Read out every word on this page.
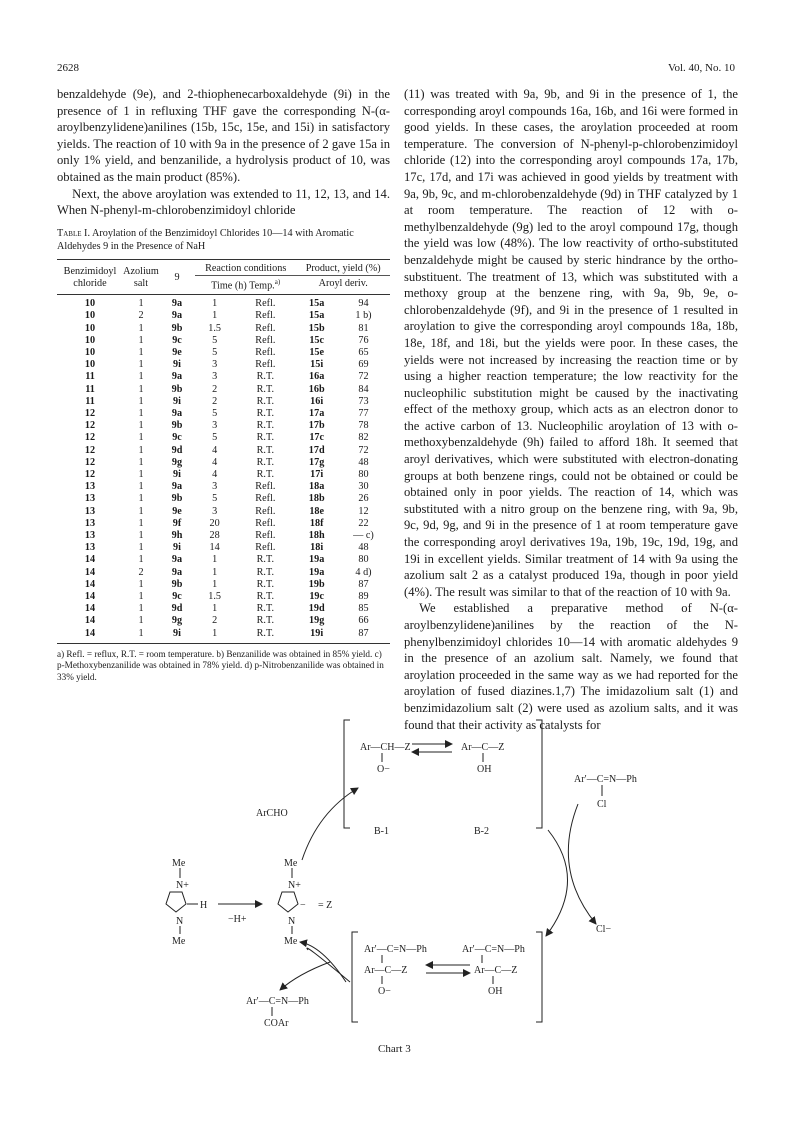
2628	Vol. 40, No. 10

benzaldehyde (9e), and 2-thiophenecarboxaldehyde (9i) in the presence of 1 in refluxing THF gave the corresponding N-(α-aroylbenzylidene)anilines (15b, 15c, 15e, and 15i) in satisfactory yields. The reaction of 10 with 9a in the presence of 2 gave 15a in only 1% yield, and benzanilide, a hydrolysis product of 10, was obtained as the main product (85%).

Next, the above aroylation was extended to 11, 12, 13, and 14. When N-phenyl-m-chlorobenzimidoyl chloride

Table I. Aroylation of the Benzimidoyl Chlorides 10—14 with Aromatic Aldehydes 9 in the Presence of NaH

Benzimidoyl chloride	Azolium salt	9	Reaction conditions		Product, yield (%)	
			Time (h) Temp.$^{a)}$		Aroyl deriv.	
10	1	9a	1	Refl.	15a	94
10	2	9a	1	Refl.	15a	1 b)
10	1	9b	1.5	Refl.	15b	81
10	1	9c	5	Refl.	15c	76
10	1	9e	5	Refl.	15e	65
10	1	9i	3	Refl.	15i	69
11	1	9a	3	R.T.	16a	72
11	1	9b	2	R.T.	16b	84
11	1	9i	2	R.T.	16i	73
12	1	9a	5	R.T.	17a	77
12	1	9b	3	R.T.	17b	78
12	1	9c	5	R.T.	17c	82
12	1	9d	4	R.T.	17d	72
12	1	9g	4	R.T.	17g	48
12	1	9i	4	R.T.	17i	80
13	1	9a	3	Refl.	18a	30
13	1	9b	5	Refl.	18b	26
13	1	9e	3	Refl.	18e	12
13	1	9f	20	Refl.	18f	22
13	1	9h	28	Refl.	18h	— c)
13	1	9i	14	Refl.	18i	48
14	1	9a	1	R.T.	19a	80
14	2	9a	1	R.T.	19a	4 d)
14	1	9b	1	R.T.	19b	87
14	1	9c	1.5	R.T.	19c	89
14	1	9d	1	R.T.	19d	85
14	1	9g	2	R.T.	19g	66
14	1	9i	1	R.T.	19i	87

a) Refl. = reflux, R.T. = room temperature. b) Benzanilide was obtained in 85% yield. c) p-Methoxybenzanilide was obtained in 78% yield. d) p-Nitrobenzanilide was obtained in 33% yield.

(11) was treated with 9a, 9b, and 9i in the presence of 1, the corresponding aroyl compounds 16a, 16b, and 16i were formed in good yields. In these cases, the aroylation proceeded at room temperature. The conversion of N-phenyl-p-chlorobenzimidoyl chloride (12) into the corresponding aroyl compounds 17a, 17b, 17c, 17d, and 17i was achieved in good yields by treatment with 9a, 9b, 9c, and m-chlorobenzaldehyde (9d) in THF catalyzed by 1 at room temperature. The reaction of 12 with o-methylbenzaldehyde (9g) led to the aroyl compound 17g, though the yield was low (48%). The low reactivity of ortho-substituted benzaldehyde might be caused by steric hindrance by the ortho-substituent. The treatment of 13, which was substituted with a methoxy group at the benzene ring, with 9a, 9b, 9e, o-chlorobenzaldehyde (9f), and 9i in the presence of 1 resulted in aroylation to give the corresponding aroyl compounds 18a, 18b, 18e, 18f, and 18i, but the yields were poor. In these cases, the yields were not increased by increasing the reaction time or by using a higher reaction temperature; the low reactivity for the nucleophilic substitution might be caused by the inactivating effect of the methoxy group, which acts as an electron donor to the active carbon of 13. Nucleophilic aroylation of 13 with o-methoxybenzaldehyde (9h) failed to afford 18h. It seemed that aroyl derivatives, which were substituted with electron-donating groups at both benzene rings, could not be obtained or could be obtained only in poor yields. The reaction of 14, which was substituted with a nitro group on the benzene ring, with 9a, 9b, 9c, 9d, 9g, and 9i in the presence of 1 at room temperature gave the corresponding aroyl derivatives 19a, 19b, 19c, 19d, 19g, and 19i in excellent yields. Similar treatment of 14 with 9a using the azolium salt 2 as a catalyst produced 19a, though in poor yield (4%). The result was similar to that of the reaction of 10 with 9a.

We established a preparative method of N-(α-aroylbenzylidene)anilines by the reaction of the N-phenylbenzimidoyl chlorides 10—14 with aromatic aldehydes 9 in the presence of an azolium salt. Namely, we found that aroylation proceeded in the same way as we had reported for the aroylation of fused diazines.1,7) The imidazolium salt (1) and benzimidazolium salt (2) were used as azolium salts, and it was found that their activity as catalysts for

Me
N+
H
N
Me
−H+
Me
N+
− = Z
N
Me
ArCHO
Ar—CH—Z
O−
Ar—C—Z
OH
B-1	B-2
Ar′—C=N—Ph
Cl
Cl−
Ar′—C=N—Ph
Ar—C—Z
O−
Ar′—C=N—Ph
Ar—C—Z
OH
Ar′—C=N—Ph
COAr
Chart 3
